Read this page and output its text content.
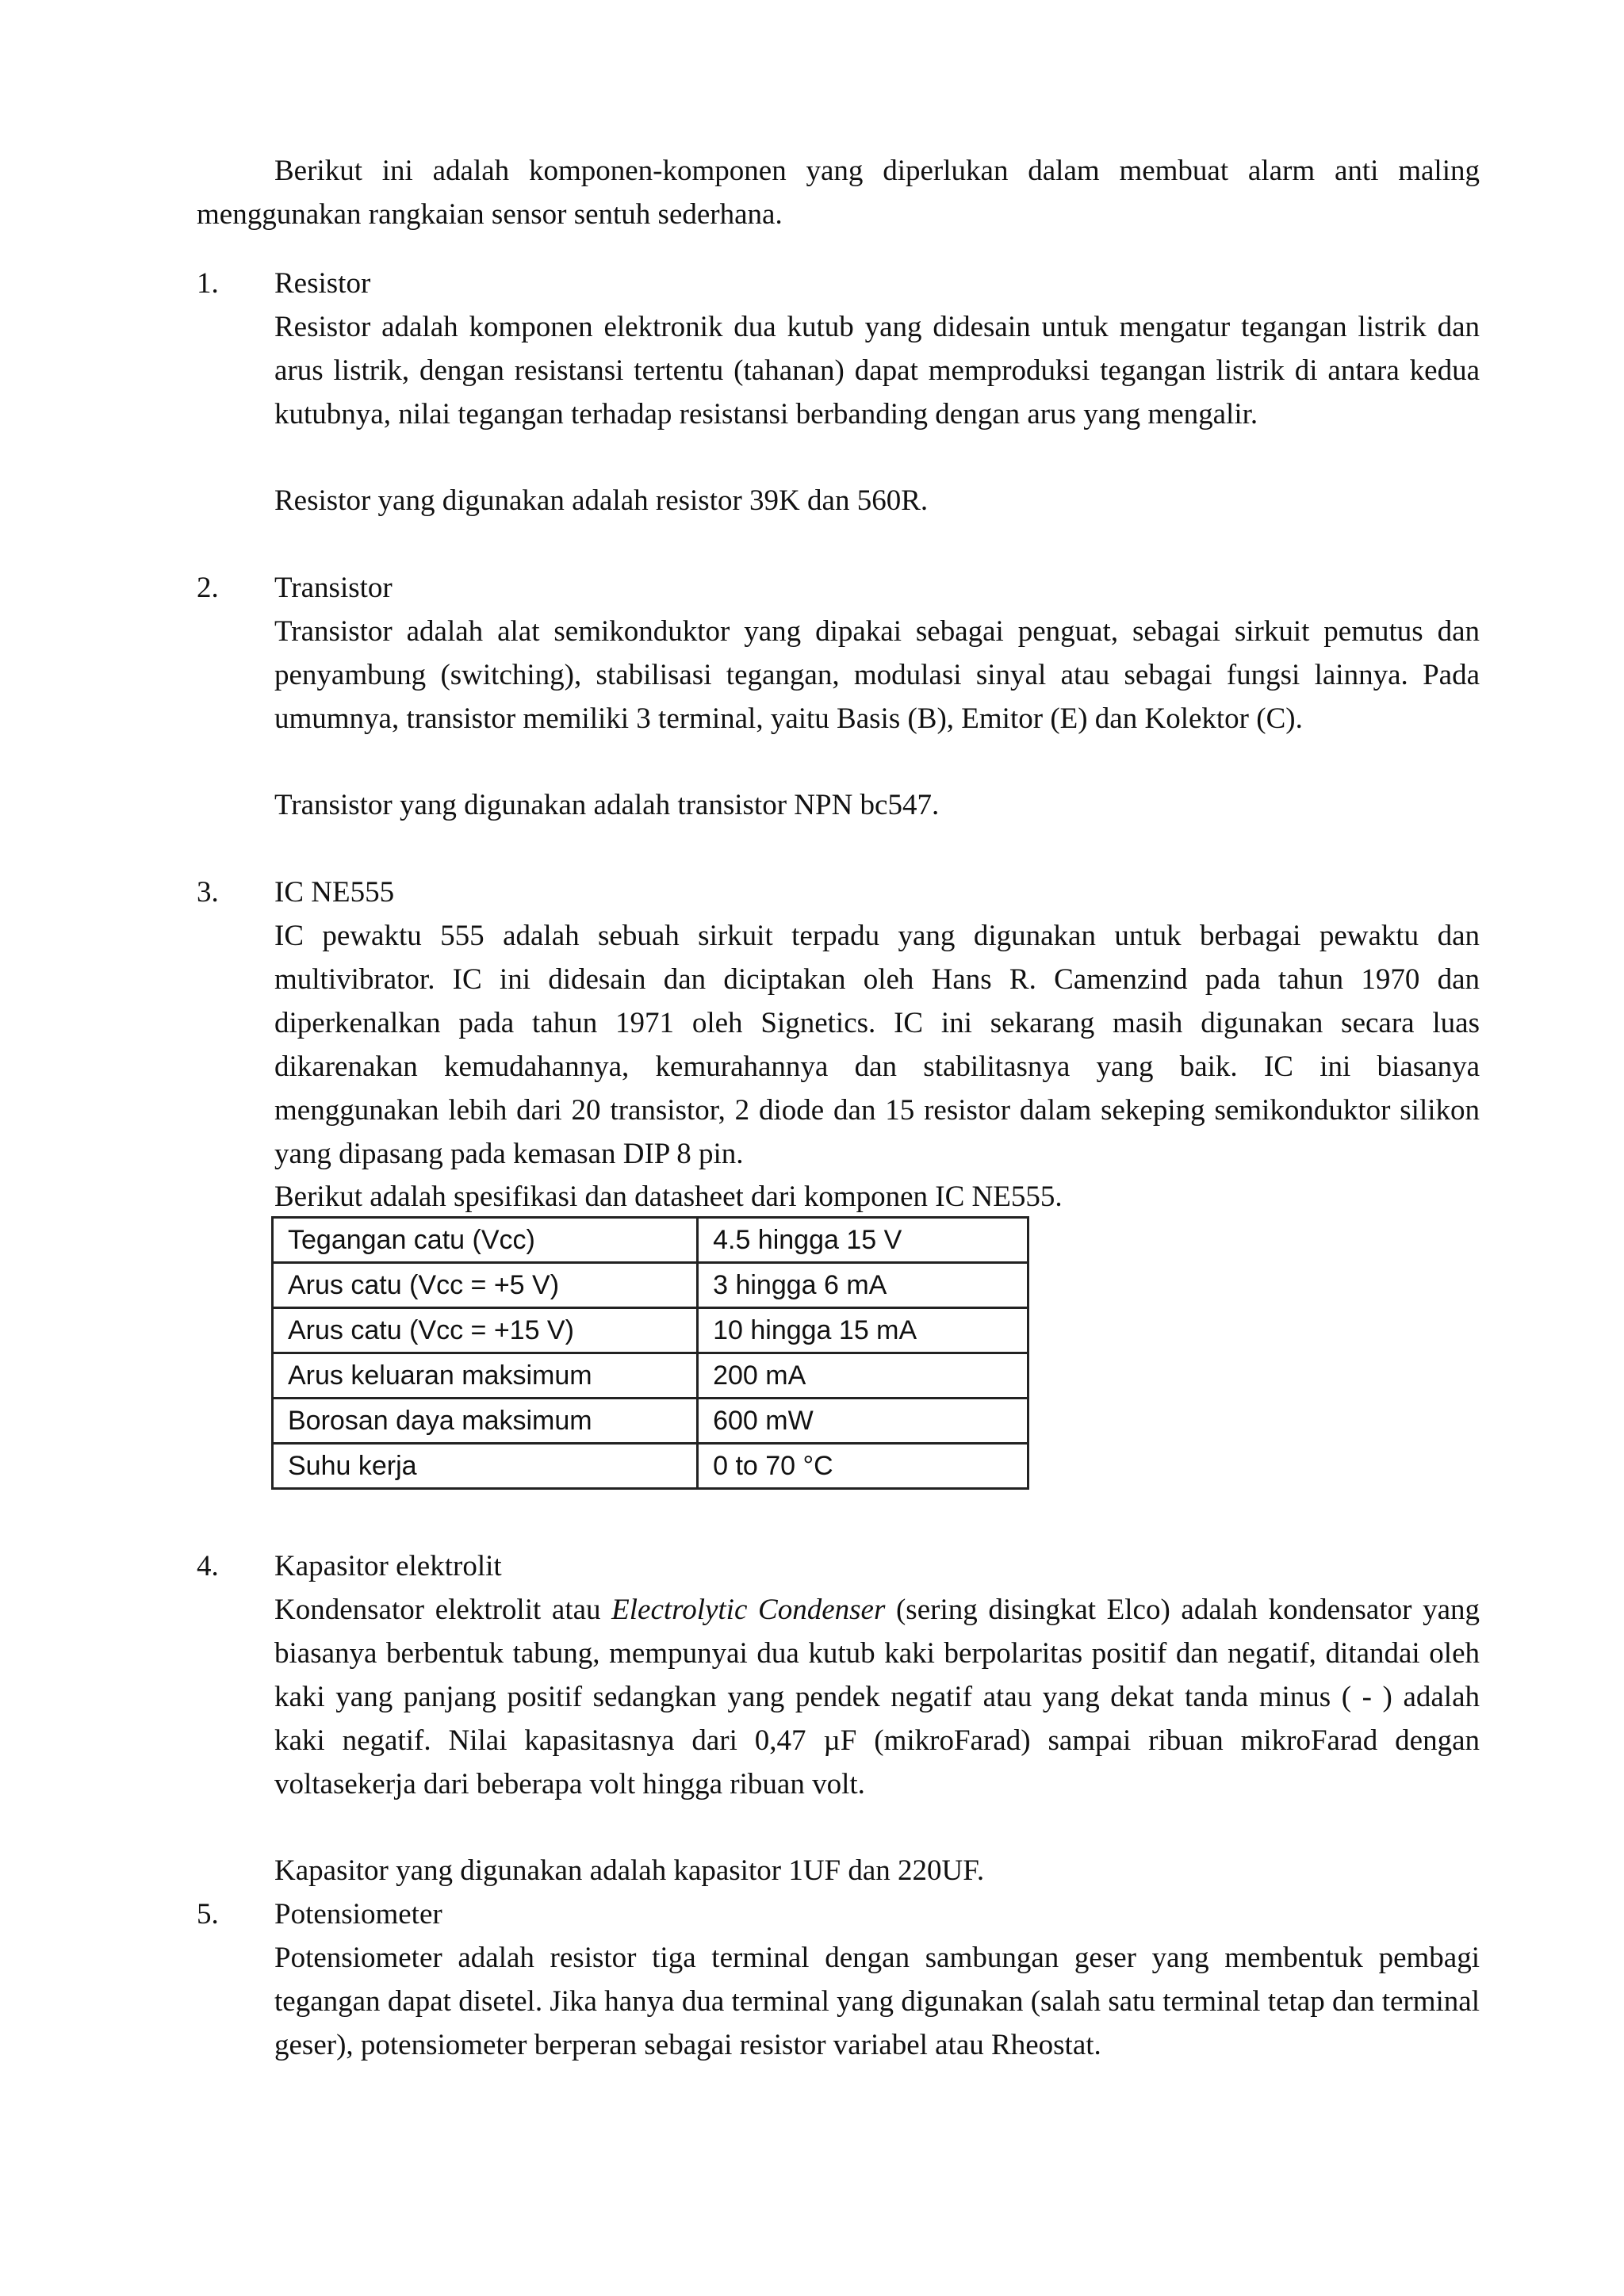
Berikut ini adalah komponen-komponen yang diperlukan dalam membuat alarm anti maling menggunakan rangkaian sensor sentuh sederhana.
1. Resistor
Resistor adalah komponen elektronik dua kutub yang didesain untuk mengatur tegangan listrik dan arus listrik, dengan resistansi tertentu (tahanan) dapat memproduksi tegangan listrik di antara kedua kutubnya, nilai tegangan terhadap resistansi berbanding dengan arus yang mengalir.
Resistor yang digunakan adalah resistor 39K dan 560R.
2. Transistor
Transistor adalah alat semikonduktor yang dipakai sebagai penguat, sebagai sirkuit pemutus dan penyambung (switching), stabilisasi tegangan, modulasi sinyal atau sebagai fungsi lainnya. Pada umumnya, transistor memiliki 3 terminal, yaitu Basis (B), Emitor (E) dan Kolektor (C).
Transistor yang digunakan adalah transistor NPN bc547.
3. IC NE555
IC pewaktu 555 adalah sebuah sirkuit terpadu yang digunakan untuk berbagai pewaktu dan multivibrator. IC ini didesain dan diciptakan oleh Hans R. Camenzind pada tahun 1970 dan diperkenalkan pada tahun 1971 oleh Signetics. IC ini sekarang masih digunakan secara luas dikarenakan kemudahannya, kemurahannya dan stabilitasnya yang baik. IC ini biasanya menggunakan lebih dari 20 transistor, 2 diode dan 15 resistor dalam sekeping semikonduktor silikon yang dipasang pada kemasan DIP 8 pin.
Berikut adalah spesifikasi dan datasheet dari komponen IC NE555.
Tegangan catu (Vcc)	4.5 hingga 15 V
Arus catu (Vcc = +5 V)	3 hingga 6 mA
Arus catu (Vcc = +15 V)	10 hingga 15 mA
Arus keluaran maksimum	200 mA
Borosan daya maksimum	600 mW
Suhu kerja	0 to 70 °C
4. Kapasitor elektrolit
Kondensator elektrolit atau Electrolytic Condenser (sering disingkat Elco) adalah kondensator yang biasanya berbentuk tabung, mempunyai dua kutub kaki berpolaritas positif dan negatif, ditandai oleh kaki yang panjang positif sedangkan yang pendek negatif atau yang dekat tanda minus ( - ) adalah kaki negatif. Nilai kapasitasnya dari 0,47 µF (mikroFarad) sampai ribuan mikroFarad dengan voltasekerja dari beberapa volt hingga ribuan volt.
Kapasitor yang digunakan adalah kapasitor 1UF dan 220UF.
5. Potensiometer
Potensiometer adalah resistor tiga terminal dengan sambungan geser yang membentuk pembagi tegangan dapat disetel. Jika hanya dua terminal yang digunakan (salah satu terminal tetap dan terminal geser), potensiometer berperan sebagai resistor variabel atau Rheostat.
